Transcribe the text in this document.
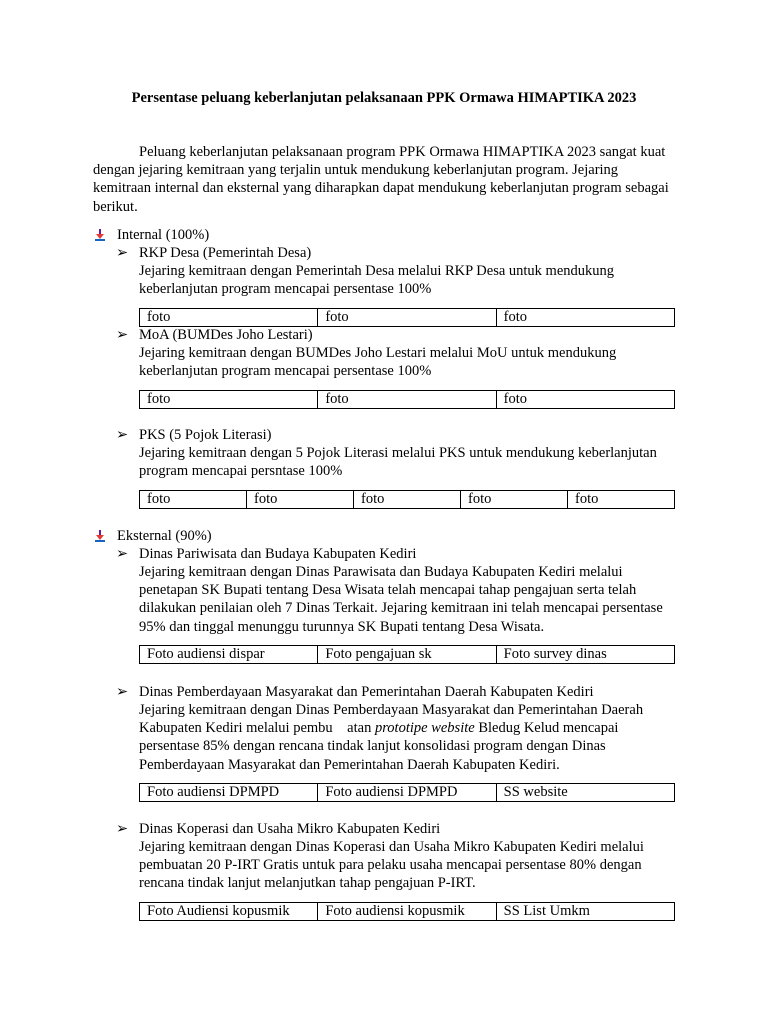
Persentase peluang keberlanjutan pelaksanaan PPK Ormawa HIMAPTIKA 2023
Peluang keberlanjutan pelaksanaan program PPK Ormawa HIMAPTIKA 2023 sangat kuat dengan jejaring kemitraan yang terjalin untuk mendukung keberlanjutan program. Jejaring kemitraan internal dan eksternal yang diharapkan dapat mendukung keberlanjutan program sebagai berikut.
Internal (100%)
➢ RKP Desa (Pemerintah Desa)
Jejaring kemitraan dengan Pemerintah Desa melalui RKP Desa untuk mendukung keberlanjutan program mencapai persentase 100%
foto	foto	foto
➢ MoA (BUMDes Joho Lestari)
Jejaring kemitraan dengan BUMDes Joho Lestari melalui MoU untuk mendukung keberlanjutan program mencapai persentase 100%
foto	foto	foto
➢ PKS (5 Pojok Literasi)
Jejaring kemitraan dengan 5 Pojok Literasi melalui PKS untuk mendukung keberlanjutan program mencapai persntase 100%
foto	foto	foto	foto	foto
Eksternal (90%)
➢ Dinas Pariwisata dan Budaya Kabupaten Kediri
Jejaring kemitraan dengan Dinas Parawisata dan Budaya Kabupaten Kediri melalui penetapan SK Bupati tentang Desa Wisata telah mencapai tahap pengajuan serta telah dilakukan penilaian oleh 7 Dinas Terkait. Jejaring kemitraan ini telah mencapai persentase 95% dan tinggal menunggu turunnya SK Bupati tentang Desa Wisata.
Foto audiensi dispar	Foto pengajuan sk	Foto survey dinas
➢ Dinas Pemberdayaan Masyarakat dan Pemerintahan Daerah Kabupaten Kediri
Jejaring kemitraan dengan Dinas Pemberdayaan Masyarakat dan Pemerintahan Daerah Kabupaten Kediri melalui pembu    atan prototipe website Bledug Kelud mencapai persentase 85% dengan rencana tindak lanjut konsolidasi program dengan Dinas Pemberdayaan Masyarakat dan Pemerintahan Daerah Kabupaten Kediri.
Foto audiensi DPMPD	Foto audiensi DPMPD	SS website
➢ Dinas Koperasi dan Usaha Mikro Kabupaten Kediri
Jejaring kemitraan dengan Dinas Koperasi dan Usaha Mikro Kabupaten Kediri melalui pembuatan 20 P-IRT Gratis untuk para pelaku usaha mencapai persentase 80% dengan rencana tindak lanjut melanjutkan tahap pengajuan P-IRT.
Foto Audiensi kopusmik	Foto audiensi kopusmik	SS List Umkm
